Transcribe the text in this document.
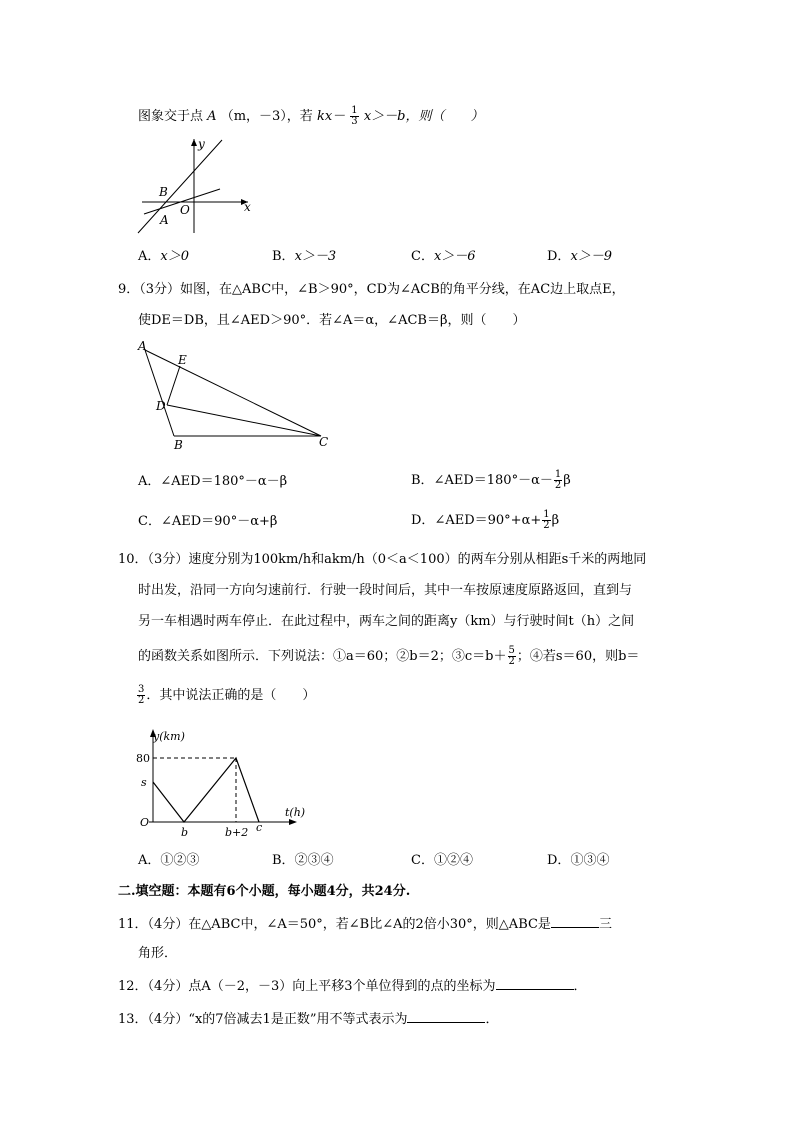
图象交于点 A （m，－3），若 $kx- \frac{1}{3} x>-b$，则（　　）
y
x
B
O
A
A．x＞0	B．x＞－3	C．x＞－6	D．x＞－9
9．（3分）如图，在△ABC中，∠B＞90°，CD为∠ACB的角平分线，在AC边上取点E，
使DE＝DB，且∠AED＞90°．若∠A＝α，∠ACB＝β，则（　　）
A
E
D
B	C
A．∠AED＝180°－α－β	B．∠AED＝180°－α－ $\frac{1}{2}$ β
C．∠AED＝90°－α+β	D．∠AED＝90°+α+ $\frac{1}{2}$ β
10．（3分）速度分别为100km/h和akm/h（0＜a＜100）的两车分别从相距s千米的两地同
时出发，沿同一方向匀速前行．行驶一段时间后，其中一车按原速度原路返回，直到与
另一车相遇时两车停止．在此过程中，两车之间的距离y（km）与行驶时间t（h）之间
的函数关系如图所示．下列说法：①a＝60；②b＝2；③c＝b＋ $\frac{5}{2}$ ；④若s＝60，则b＝
$\frac{3}{2}$ ．其中说法正确的是（　　）
y(km)
80
s
O
b	b+2 c
t(h)
A．①②③	B．②③④	C．①②④	D．①③④
二.填空题：本题有6个小题，每小题4分，共24分.
11．（4分）在△ABC中，∠A＝50°，若∠B比∠A的2倍小30°，则△ABC是	三
角形．
12．（4分）点A（－2，－3）向上平移3个单位得到的点的坐标为	．
13．（4分）“x的7倍减去1是正数”用不等式表示为	．
